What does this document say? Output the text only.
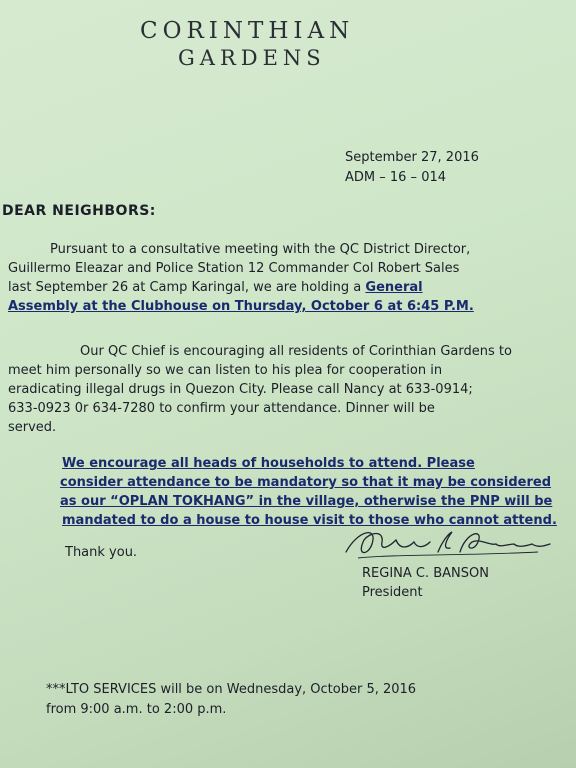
CORINTHIAN
GARDENS
September 27, 2016
ADM – 16 – 014
DEAR NEIGHBORS:
Pursuant to a consultative meeting with the QC District Director,
Guillermo Eleazar and Police Station 12 Commander Col Robert Sales
last September 26 at Camp Karingal, we are holding a General
Assembly at the Clubhouse on Thursday, October 6 at 6:45 P.M.
Our QC Chief is encouraging all residents of Corinthian Gardens to
meet him personally so we can listen to his plea for cooperation in
eradicating illegal drugs in Quezon City. Please call Nancy at 633-0914;
633-0923 0r 634-7280 to confirm your attendance. Dinner will be
served.
We encourage all heads of households to attend. Please
consider attendance to be mandatory so that it may be considered
as our “OPLAN TOKHANG” in the village, otherwise the PNP will be
mandated to do a house to house visit to those who cannot attend.
Thank you.
REGINA C. BANSON
President
***LTO SERVICES will be on Wednesday, October 5, 2016
from 9:00 a.m. to 2:00 p.m.
